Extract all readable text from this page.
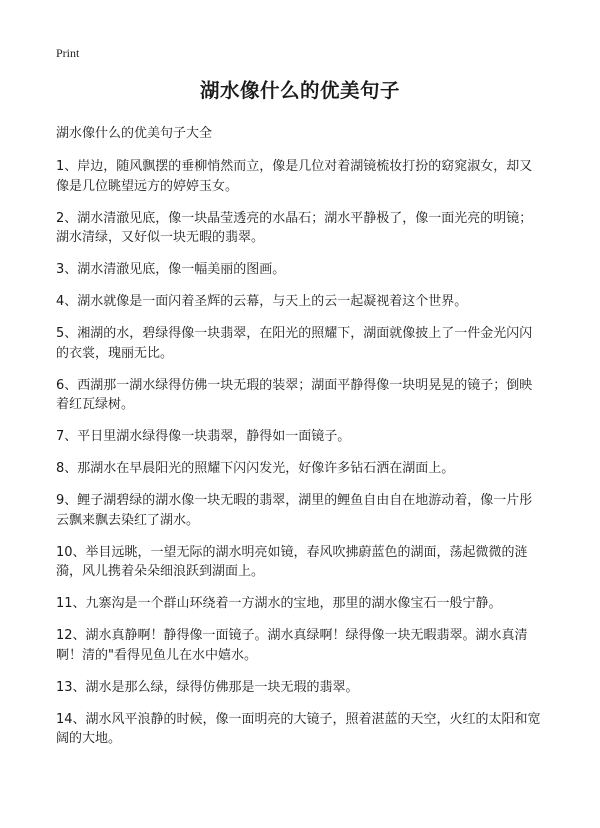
Print
湖水像什么的优美句子
湖水像什么的优美句子大全

1、岸边，随风飘摆的垂柳悄然而立，像是几位对着湖镜梳妆打扮的窈窕淑女，却又像是几位眺望远方的婷婷玉女。

2、湖水清澈见底，像一块晶莹透亮的水晶石；湖水平静极了，像一面光亮的明镜；湖水清绿，又好似一块无暇的翡翠。

3、湖水清澈见底，像一幅美丽的图画。

4、湖水就像是一面闪着圣辉的云幕，与天上的云一起凝视着这个世界。

5、湘湖的水，碧绿得像一块翡翠，在阳光的照耀下，湖面就像披上了一件金光闪闪的衣裳，瑰丽无比。

6、西湖那一湖水绿得仿佛一块无瑕的装翠；湖面平静得像一块明晃晃的镜子；倒映着红瓦绿树。

7、平日里湖水绿得像一块翡翠，静得如一面镜子。

8、那湖水在早晨阳光的照耀下闪闪发光，好像许多钻石洒在湖面上。

9、鲤子湖碧绿的湖水像一块无暇的翡翠，湖里的鲤鱼自由自在地游动着，像一片彤云飘来飘去染红了湖水。

10、举目远眺，一望无际的湖水明亮如镜，春风吹拂蔚蓝色的湖面，荡起微微的涟漪，风儿携着朵朵细浪跃到湖面上。

11、九寨沟是一个群山环绕着一方湖水的宝地，那里的湖水像宝石一般宁静。

12、湖水真静啊！静得像一面镜子。湖水真绿啊！绿得像一块无暇翡翠。湖水真清啊！清的"看得见鱼儿在水中嬉水。

13、湖水是那么绿，绿得仿佛那是一块无瑕的翡翠。

14、湖水风平浪静的时候，像一面明亮的大镜子，照着湛蓝的天空，火红的太阳和宽阔的大地。
